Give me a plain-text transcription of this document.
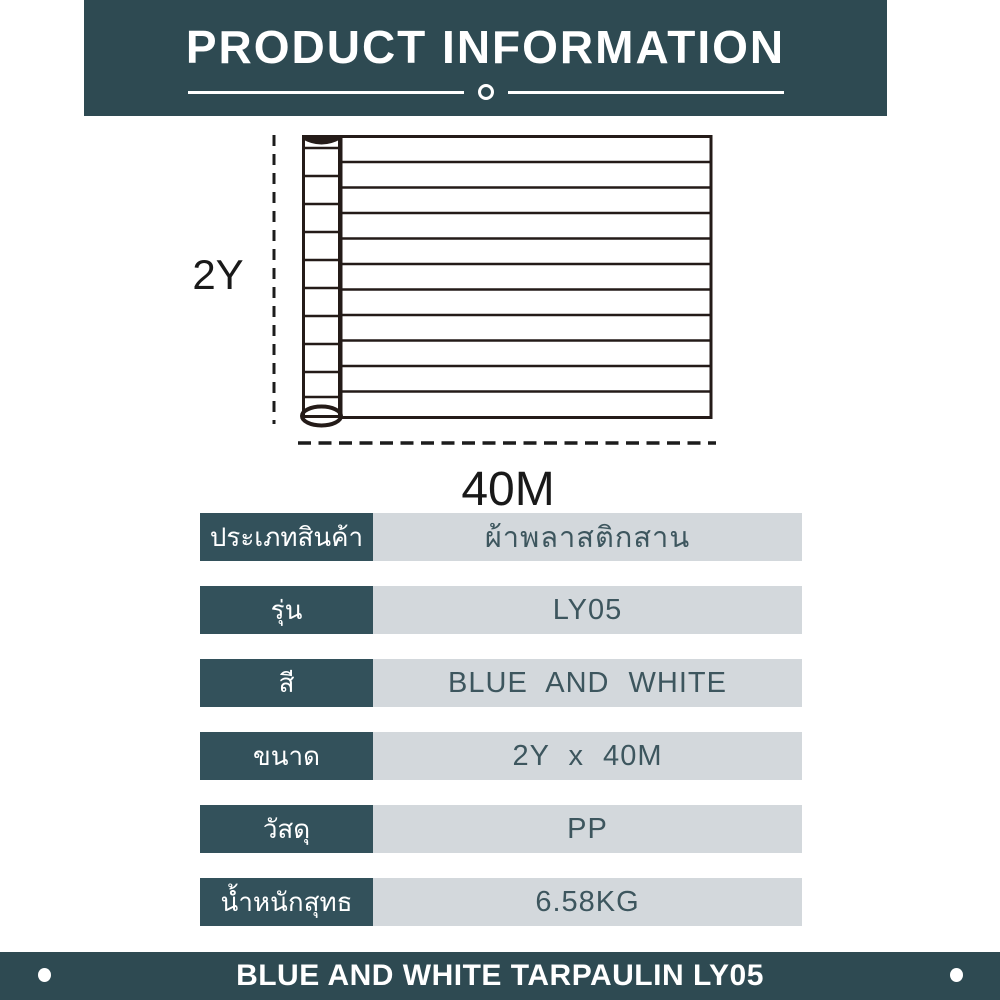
PRODUCT INFORMATION
2Y
40M
ประเภทสินค้า	ผ้าพลาสติกสาน
รุ่น	LY05
สี	BLUE AND WHITE
ขนาด	2Y x 40M
วัสดุ	PP
น้ำหนักสุทธ	6.58KG
BLUE AND WHITE TARPAULIN LY05
